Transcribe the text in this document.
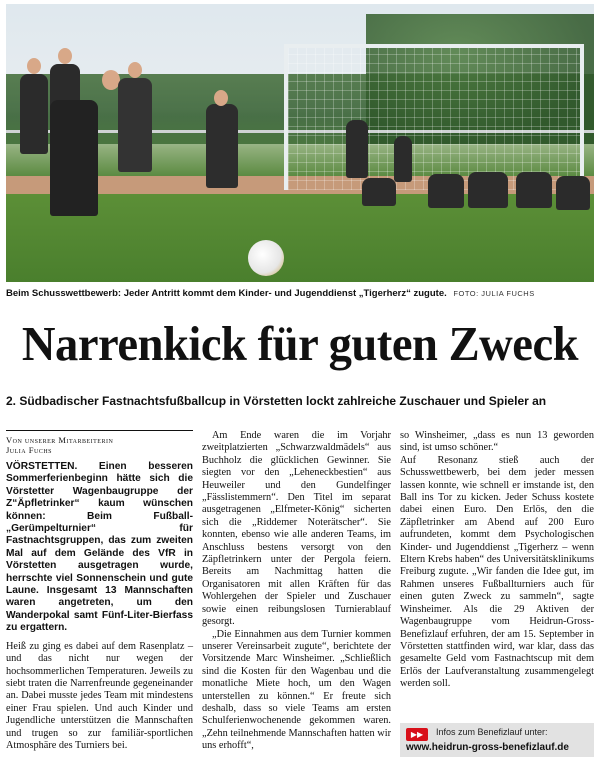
Beim Schusswettbewerb: Jeder Antritt kommt dem Kinder- und Jugenddienst „Tigerherz“ zugute. FOTO: JULIA FUCHS
Narrenkick für guten Zweck
2. Südbadischer Fastnachtsfußballcup in Vörstetten lockt zahlreiche Zuschauer und Spieler an
Von unserer Mitarbeiterin
Julia Fuchs
VÖRSTETTEN. Einen besseren Sommerferienbeginn hätte sich die Vörstetter Wagenbaugruppe der Z“Äpfletrinker“ kaum wünschen können: Beim Fußball-„Gerümpelturnier“ für Fastnachtsgruppen, das zum zweiten Mal auf dem Gelände des VfR in Vörstetten ausgetragen wurde, herrschte viel Sonnenschein und gute Laune. Insgesamt 13 Mannschaften waren angetreten, um den Wanderpokal samt Fünf-Liter-Bierfass zu ergattern.

Heiß zu ging es dabei auf dem Rasenplatz – und das nicht nur wegen der hochsommerlichen Temperaturen. Jeweils zu siebt traten die Narrenfreunde gegeneinander an. Dabei musste jedes Team mit mindestens einer Frau spielen. Und auch Kinder und Jugendliche unterstützen die Mannschaften und trugen so zur familiär-sportlichen Atmosphäre des Turniers bei.

Am Ende waren die im Vorjahr zweitplatzierten „Schwarzwaldmädels“ aus Buchholz die glücklichen Gewinner. Sie siegten vor den „Leheneckbestien“ aus Heuweiler und den Gundelfinger „Fässlistemmern“. Den Titel im separat ausgetragenen „Elfmeter-König“ sicherten sich die „Riddemer Noterätscher“. Sie konnten, ebenso wie alle anderen Teams, im Anschluss bestens versorgt von den Zäpfletrinkern unter der Pergola feiern. Bereits am Nachmittag hatten die Organisatoren mit allen Kräften für das Wohlergehen der Spieler und Zuschauer sowie einen reibungslosen Turnierablauf gesorgt.

„Die Einnahmen aus dem Turnier kommen unserer Vereinsarbeit zugute“, berichtete der Vorsitzende Marc Winsheimer. „Schließlich sind die Kosten für den Wagenbau und die monatliche Miete hoch, um den Wagen unterstellen zu können.“ Er freute sich deshalb, dass so viele Teams am ersten Schulferienwochenende gekommen waren. „Zehn teilnehmende Mannschaften hatten wir uns erhofft“,

so Winsheimer, „dass es nun 13 geworden sind, ist umso schöner.“

Auf Resonanz stieß auch der Schusswettbewerb, bei dem jeder messen lassen konnte, wie schnell er imstande ist, den Ball ins Tor zu kicken. Jeder Schuss kostete dabei einen Euro. Den Erlös, den die Zäpfletrinker am Abend auf 200 Euro aufrundeten, kommt dem Psychologischen Kinder- und Jugenddienst „Tigerherz – wenn Eltern Krebs haben“ des Universitätsklinikums Freiburg zugute. „Wir fanden die Idee gut, im Rahmen unseres Fußballturniers auch für einen guten Zweck zu sammeln“, sagte Winsheimer. Als die 29 Aktiven der Wagenbaugruppe vom Heidrun-Gross-Benefizlauf erfuhren, der am 15. September in Vörstetten stattfinden wird, war klar, dass das gesamelte Geld vom Fastnachtscup mit dem Erlös der Laufveranstaltung zusammengelegt werden soll.

▶▶	Infos zum Benefizlauf unter:
www.heidrun-gross-benefizlauf.de
